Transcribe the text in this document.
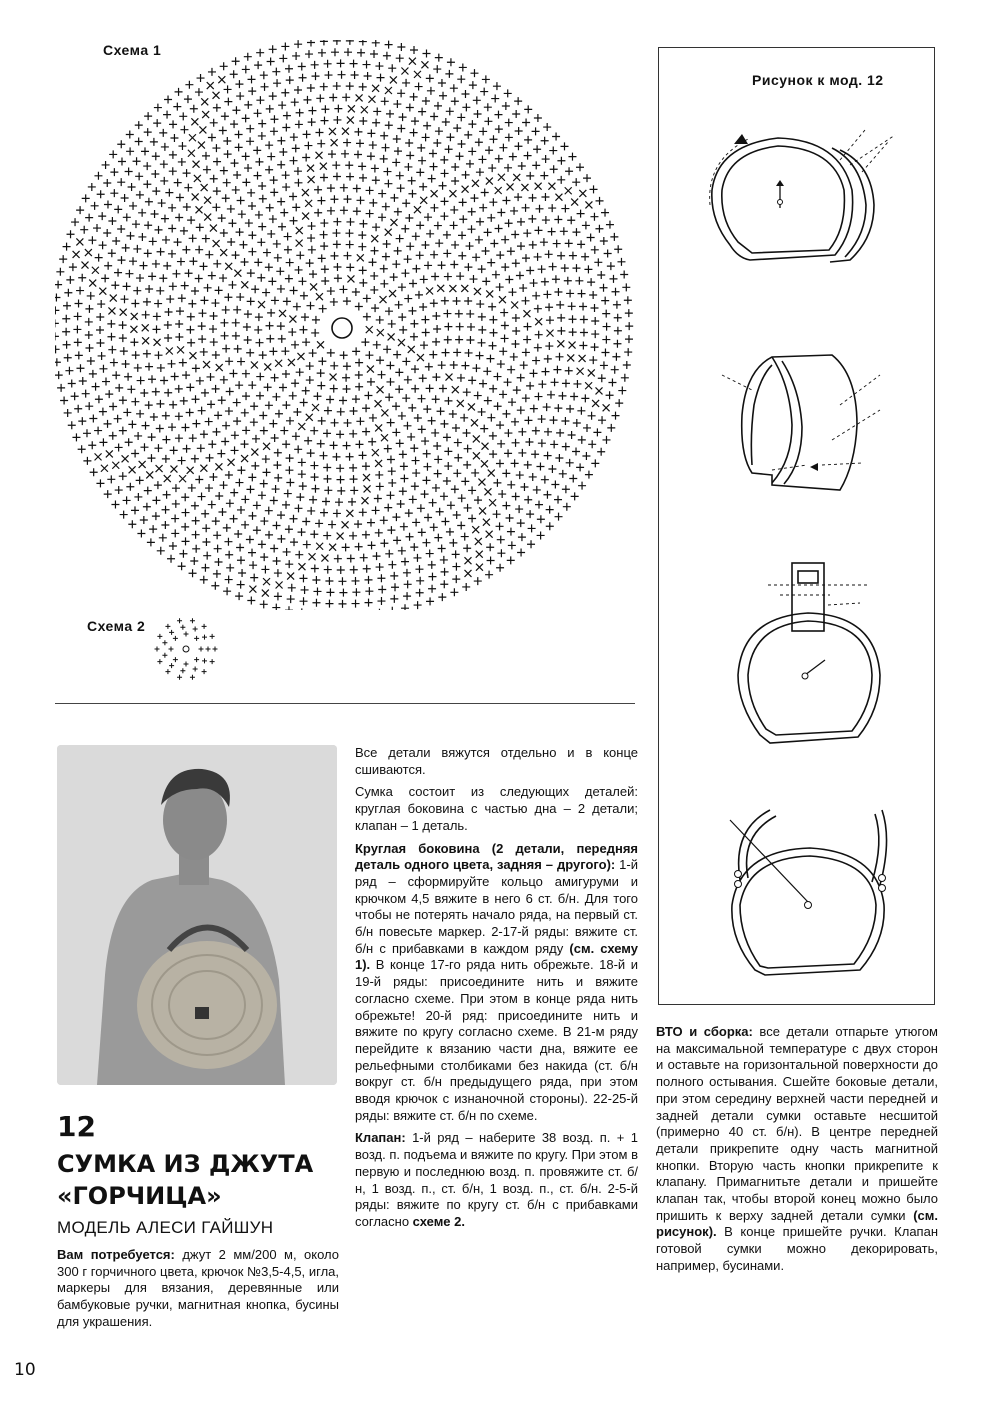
Схема 1
Схема 2
Рисунок к мод. 12
12
СУМКА ИЗ ДЖУТА
«ГОРЧИЦА»
МОДЕЛЬ АЛЕСИ ГАЙШУН

Вам потребуется: джут 2 мм/200 м, около 300 г горчичного цвета, крючок №3,5-4,5, игла, маркеры для вязания, деревянные или бамбуковые ручки, магнитная кнопка, бусины для украшения.

Все детали вяжутся отдельно и в конце сшиваются.

Сумка состоит из следующих деталей: круглая боковина с частью дна – 2 детали; клапан – 1 деталь.

Круглая боковина (2 детали, передняя деталь одного цвета, задняя – другого): 1-й ряд – сформируйте кольцо амигуруми и крючком 4,5 вяжите в него 6 ст. б/н. Для того чтобы не потерять начало ряда, на первый ст. б/н повесьте маркер. 2-17-й ряды: вяжите ст. б/н с прибавками в каждом ряду (см. схему 1). В конце 17-го ряда нить обрежьте. 18-й и 19-й ряды: присоедините нить и вяжите согласно схеме. При этом в конце ряда нить обрежьте! 20-й ряд: присоедините нить и вяжите по кругу согласно схеме. В 21-м ряду перейдите к вязанию части дна, вяжите ее рельефными столбиками без накида (ст. б/н вокруг ст. б/н предыдущего ряда, при этом вводя крючок с изнаночной стороны). 22-25-й ряды: вяжите ст. б/н по схеме.

Клапан: 1-й ряд – наберите 38 возд. п. + 1 возд. п. подъема и вяжите по кругу. При этом в первую и последнюю возд. п. провяжите ст. б/н, 1 возд. п., ст. б/н, 1 возд. п., ст. б/н. 2-5-й ряды: вяжите по кругу ст. б/н с прибавками согласно схеме 2.

ВТО и сборка: все детали отпарьте утюгом на максимальной температуре с двух сторон и оставьте на горизонтальной поверхности до полного остывания. Сшейте боковые детали, при этом середину верхней части передней и задней детали сумки оставьте несшитой (примерно 40 ст. б/н). В центре передней детали прикрепите одну часть магнитной кнопки. Вторую часть кнопки прикрепите к клапану. Примагнитьте детали и пришейте клапан так, чтобы второй конец можно было пришить к верху задней детали сумки (см. рисунок). В конце пришейте ручки. Клапан готовой сумки можно декорировать, например, бусинами.

10
